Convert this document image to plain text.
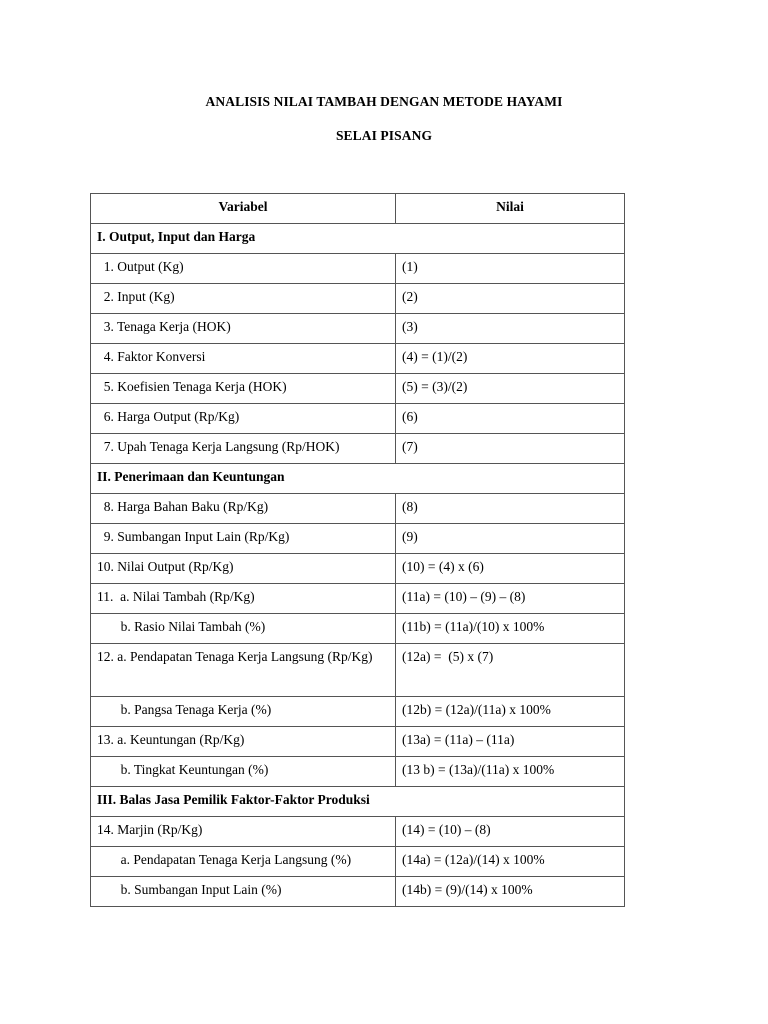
ANALISIS NILAI TAMBAH DENGAN METODE HAYAMI
SELAI PISANG
Variabel	Nilai
I. Output, Input dan Harga	
1. Output (Kg)	(1)
2. Input (Kg)	(2)
3. Tenaga Kerja (HOK)	(3)
4. Faktor Konversi	(4) = (1)/(2)
5. Koefisien Tenaga Kerja (HOK)	(5) = (3)/(2)
6. Harga Output (Rp/Kg)	(6)
7. Upah Tenaga Kerja Langsung (Rp/HOK)	(7)
II. Penerimaan dan Keuntungan	
8. Harga Bahan Baku (Rp/Kg)	(8)
9. Sumbangan Input Lain (Rp/Kg)	(9)
10. Nilai Output (Rp/Kg)	(10) = (4) x (6)
11.  a. Nilai Tambah (Rp/Kg)	(11a) = (10) – (9) – (8)
b. Rasio Nilai Tambah (%)	(11b) = (11a)/(10) x 100%
12. a. Pendapatan Tenaga Kerja Langsung (Rp/Kg)	(12a) =  (5) x (7)
b. Pangsa Tenaga Kerja (%)	(12b) = (12a)/(11a) x 100%
13. a. Keuntungan (Rp/Kg)	(13a) = (11a) – (11a)
b. Tingkat Keuntungan (%)	(13 b) = (13a)/(11a) x 100%
III. Balas Jasa Pemilik Faktor-Faktor Produksi	
14. Marjin (Rp/Kg)	(14) = (10) – (8)
a. Pendapatan Tenaga Kerja Langsung (%)	(14a) = (12a)/(14) x 100%
b. Sumbangan Input Lain (%)	(14b) = (9)/(14) x 100%
